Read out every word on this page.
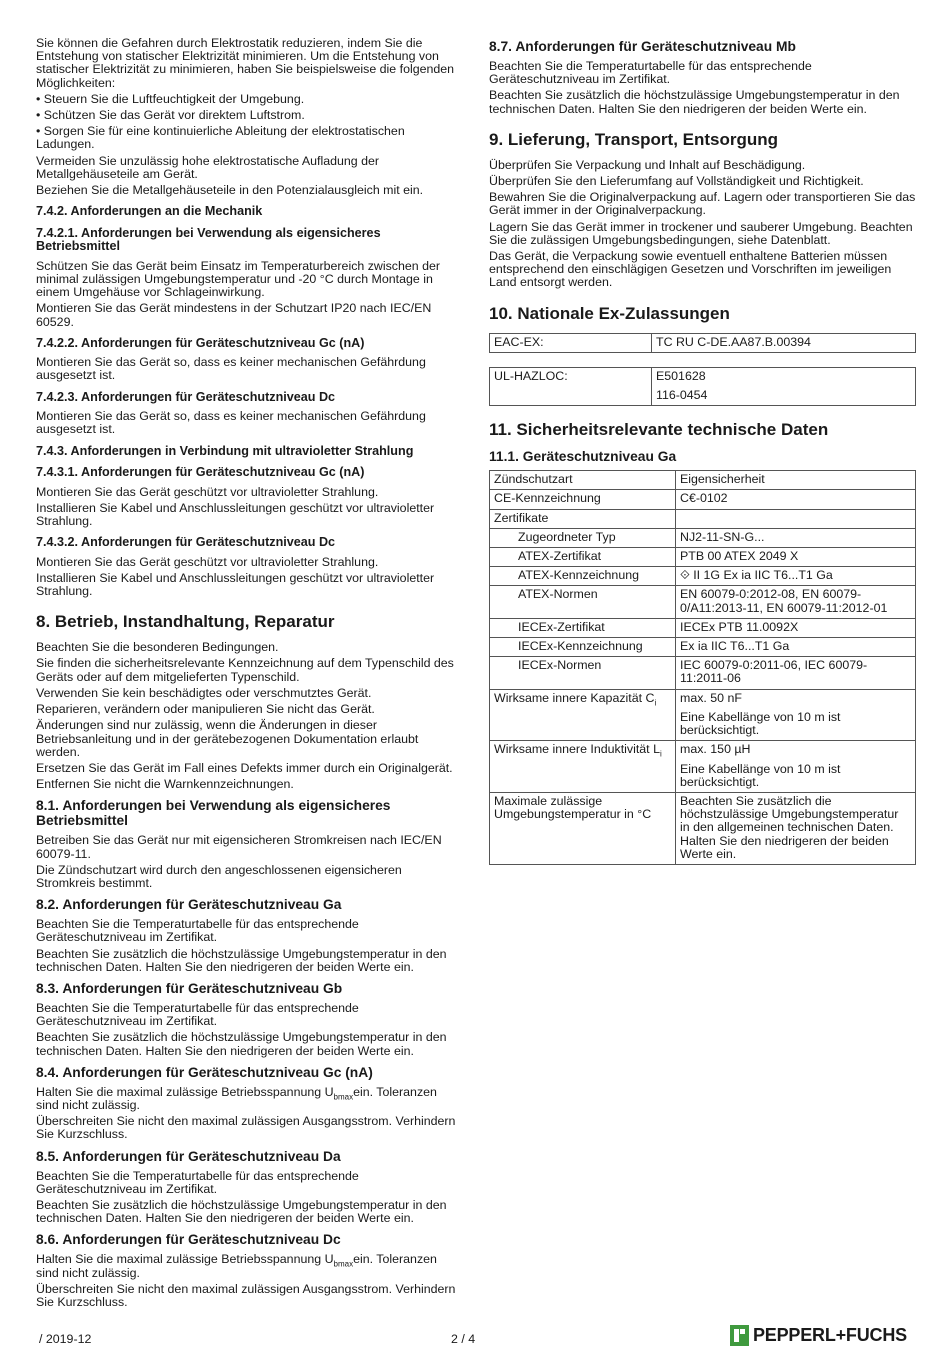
Sie können die Gefahren durch Elektrostatik reduzieren, indem Sie die Entstehung von statischer Elektrizität minimieren. Um die Entstehung von statischer Elektrizität zu minimieren, haben Sie beispielsweise die folgenden Möglichkeiten:

• Steuern Sie die Luftfeuchtigkeit der Umgebung.

• Schützen Sie das Gerät vor direktem Luftstrom.

• Sorgen Sie für eine kontinuierliche Ableitung der elektrostatischen Ladungen.

Vermeiden Sie unzulässig hohe elektrostatische Aufladung der Metallgehäuseteile am Gerät.

Beziehen Sie die Metallgehäuseteile in den Potenzialausgleich mit ein.

7.4.2. Anforderungen an die Mechanik
7.4.2.1. Anforderungen bei Verwendung als eigensicheres Betriebsmittel

Schützen Sie das Gerät beim Einsatz im Temperaturbereich zwischen der minimal zulässigen Umgebungstemperatur und -20 °C durch Montage in einem Umgehäuse vor Schlageinwirkung.

Montieren Sie das Gerät mindestens in der Schutzart IP20 nach IEC/EN 60529.

7.4.2.2. Anforderungen für Geräteschutzniveau Gc (nA)

Montieren Sie das Gerät so, dass es keiner mechanischen Gefährdung ausgesetzt ist.

7.4.2.3. Anforderungen für Geräteschutzniveau Dc

Montieren Sie das Gerät so, dass es keiner mechanischen Gefährdung ausgesetzt ist.

7.4.3. Anforderungen in Verbindung mit ultravioletter Strahlung
7.4.3.1. Anforderungen für Geräteschutzniveau Gc (nA)

Montieren Sie das Gerät geschützt vor ultravioletter Strahlung.

Installieren Sie Kabel und Anschlussleitungen geschützt vor ultravioletter Strahlung.

7.4.3.2. Anforderungen für Geräteschutzniveau Dc

Montieren Sie das Gerät geschützt vor ultravioletter Strahlung.

Installieren Sie Kabel und Anschlussleitungen geschützt vor ultravioletter Strahlung.

8. Betrieb, Instandhaltung, Reparatur

Beachten Sie die besonderen Bedingungen.

Sie finden die sicherheitsrelevante Kennzeichnung auf dem Typenschild des Geräts oder auf dem mitgelieferten Typenschild.

Verwenden Sie kein beschädigtes oder verschmutztes Gerät.

Reparieren, verändern oder manipulieren Sie nicht das Gerät.

Änderungen sind nur zulässig, wenn die Änderungen in dieser Betriebsanleitung und in der gerätebezogenen Dokumentation erlaubt werden.

Ersetzen Sie das Gerät im Fall eines Defekts immer durch ein Originalgerät.

Entfernen Sie nicht die Warnkennzeichnungen.

8.1. Anforderungen bei Verwendung als eigensicheres Betriebsmittel

Betreiben Sie das Gerät nur mit eigensicheren Stromkreisen nach IEC/EN 60079-11.

Die Zündschutzart wird durch den angeschlossenen eigensicheren Stromkreis bestimmt.

8.2. Anforderungen für Geräteschutzniveau Ga

Beachten Sie die Temperaturtabelle für das entsprechende Geräteschutzniveau im Zertifikat.

Beachten Sie zusätzlich die höchstzulässige Umgebungstemperatur in den technischen Daten. Halten Sie den niedrigeren der beiden Werte ein.

8.3. Anforderungen für Geräteschutzniveau Gb

Beachten Sie die Temperaturtabelle für das entsprechende Geräteschutzniveau im Zertifikat.

Beachten Sie zusätzlich die höchstzulässige Umgebungstemperatur in den technischen Daten. Halten Sie den niedrigeren der beiden Werte ein.

8.4. Anforderungen für Geräteschutzniveau Gc (nA)

Halten Sie die maximal zulässige Betriebsspannung $U_{bmax}ein$. Toleranzen sind nicht zulässig.

Überschreiten Sie nicht den maximal zulässigen Ausgangsstrom. Verhindern Sie Kurzschluss.

8.5. Anforderungen für Geräteschutzniveau Da

Beachten Sie die Temperaturtabelle für das entsprechende Geräteschutzniveau im Zertifikat.

Beachten Sie zusätzlich die höchstzulässige Umgebungstemperatur in den technischen Daten. Halten Sie den niedrigeren der beiden Werte ein.

8.6. Anforderungen für Geräteschutzniveau Dc

Halten Sie die maximal zulässige Betriebsspannung $U_{bmax}ein$. Toleranzen sind nicht zulässig.

Überschreiten Sie nicht den maximal zulässigen Ausgangsstrom. Verhindern Sie Kurzschluss.

8.7. Anforderungen für Geräteschutzniveau Mb

Beachten Sie die Temperaturtabelle für das entsprechende Geräteschutzniveau im Zertifikat.

Beachten Sie zusätzlich die höchstzulässige Umgebungstemperatur in den technischen Daten. Halten Sie den niedrigeren der beiden Werte ein.

9. Lieferung, Transport, Entsorgung

Überprüfen Sie Verpackung und Inhalt auf Beschädigung.

Überprüfen Sie den Lieferumfang auf Vollständigkeit und Richtigkeit.

Bewahren Sie die Originalverpackung auf. Lagern oder transportieren Sie das Gerät immer in der Originalverpackung.

Lagern Sie das Gerät immer in trockener und sauberer Umgebung. Beachten Sie die zulässigen Umgebungsbedingungen, siehe Datenblatt.

Das Gerät, die Verpackung sowie eventuell enthaltene Batterien müssen entsprechend den einschlägigen Gesetzen und Vorschriften im jeweiligen Land entsorgt werden.

10. Nationale Ex-Zulassungen
EAC-EX:	TC RU C-DE.AA87.B.00394
UL-HAZLOC:	E501628
116-0454
11. Sicherheitsrelevante technische Daten
11.1. Geräteschutzniveau Ga
Zündschutzart	Eigensicherheit
CE-Kennzeichnung	C€-0102
Zertifikate	
Zugeordneter Typ	NJ2-11-SN-G...
ATEX-Zertifikat	PTB 00 ATEX 2049 X
ATEX-Kennzeichnung	⟐ II 1G Ex ia IIC T6...T1 Ga
ATEX-Normen	EN 60079-0:2012-08, EN 60079-0/A11:2013-11, EN 60079-11:2012-01
IECEx-Zertifikat	IECEx PTB 11.0092X
IECEx-Kennzeichnung	Ex ia IIC T6...T1 Ga
IECEx-Normen	IEC 60079-0:2011-06, IEC 60079-11:2011-06
Wirksame innere Kapazität $C_i$	max. 50 nF
Eine Kabellänge von 10 m ist berücksichtigt.

Wirksame innere Induktivität $L_i$	max. 150 µH
Eine Kabellänge von 10 m ist berücksichtigt.

Maximale zulässige Umgebungstemperatur in °C	Beachten Sie zusätzlich die höchstzulässige Umgebungstemperatur in den allgemeinen technischen Daten. Halten Sie den niedrigeren der beiden Werte ein.
/ 2019-12	2 / 4	PEPPERL+FUCHS
